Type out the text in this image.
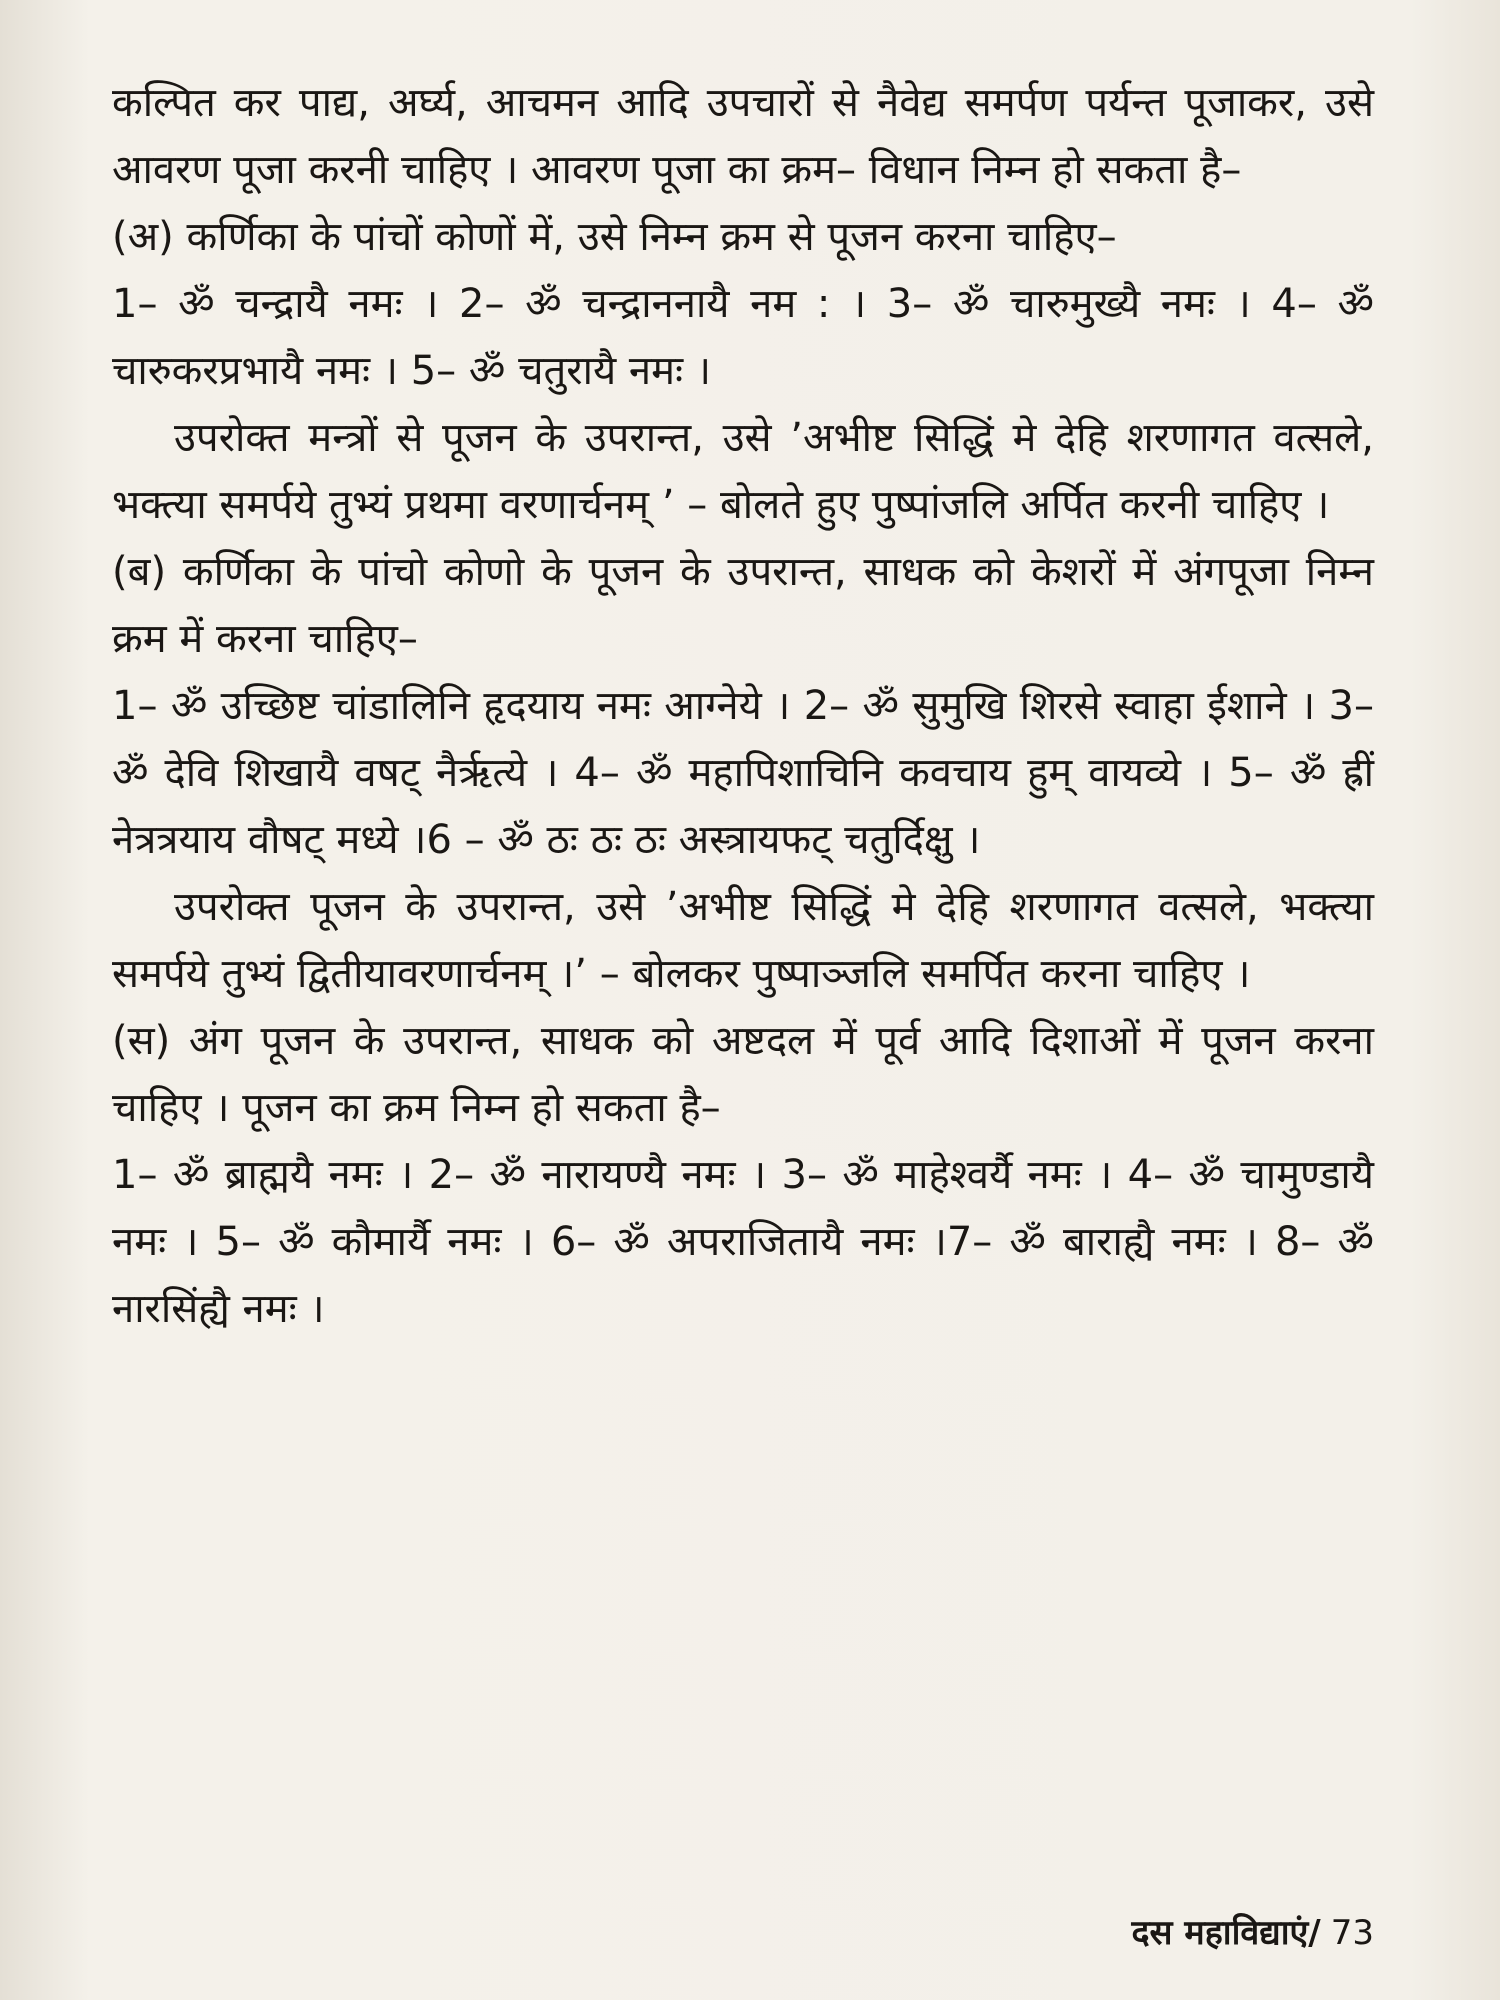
कल्पित कर पाद्य, अर्घ्य, आचमन आदि उपचारों से नैवेद्य समर्पण पर्यन्त पूजाकर, उसे आवरण पूजा करनी चाहिए । आवरण पूजा का क्रम– विधान निम्न हो सकता है–

(अ) कर्णिका के पांचों कोणों में, उसे निम्न क्रम से पूजन करना चाहिए–

1– ॐ चन्द्रायै नमः । 2– ॐ चन्द्राननायै नम : । 3– ॐ चारुमुख्यै नमः । 4– ॐ चारुकरप्रभायै नमः । 5– ॐ चतुरायै नमः ।

उपरोक्त मन्त्रों से पूजन के उपरान्त, उसे ’अभीष्ट सिद्धिं मे देहि शरणागत वत्सले, भक्त्या समर्पये तुभ्यं प्रथमा वरणार्चनम् ’ – बोलते हुए पुष्पांजलि अर्पित करनी चाहिए ।

(ब) कर्णिका के पांचो कोणो के पूजन के उपरान्त, साधक को केशरों में अंगपूजा निम्न क्रम में करना चाहिए–

1– ॐ उच्छिष्ट चांडालिनि हृदयाय नमः आग्नेये । 2– ॐ सुमुखि शिरसे स्वाहा ईशाने । 3– ॐ देवि शिखायै वषट् नैर्ऋत्ये । 4– ॐ महापिशाचिनि कवचाय हुम् वायव्ये । 5– ॐ ह्रीं नेत्रत्रयाय वौषट् मध्ये ।6 – ॐ ठः ठः ठः अस्त्रायफट् चतुर्दिक्षु ।

उपरोक्त पूजन के उपरान्त, उसे ’अभीष्ट सिद्धिं मे देहि शरणागत वत्सले, भक्त्या समर्पये तुभ्यं द्वितीयावरणार्चनम् ।’ – बोलकर पुष्पाञ्जलि समर्पित करना चाहिए ।

(स) अंग पूजन के उपरान्त, साधक को अष्टदल में पूर्व आदि दिशाओं में पूजन करना चाहिए । पूजन का क्रम निम्न हो सकता है–

1– ॐ ब्राह्मयै नमः । 2– ॐ नारायण्यै नमः । 3– ॐ माहेश्वर्यै नमः । 4– ॐ चामुण्डायै नमः । 5– ॐ कौमार्यै नमः । 6– ॐ अपराजितायै नमः ।7– ॐ बाराह्यै नमः । 8– ॐ नारसिंह्यै नमः ।

दस महाविद्याएं/ 73
